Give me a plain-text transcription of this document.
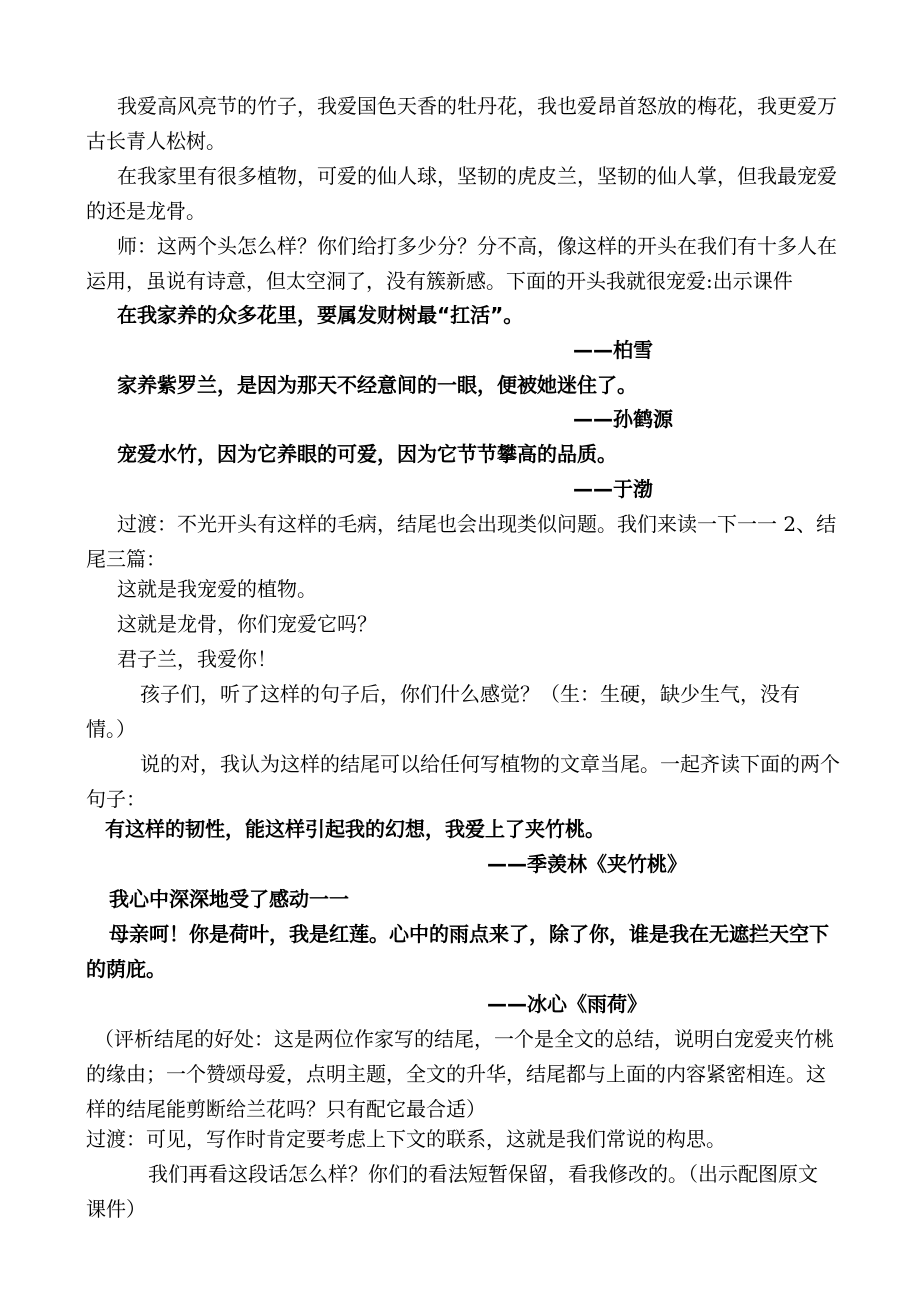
我爱高风亮节的竹子，我爱国色天香的牡丹花，我也爱昂首怒放的梅花，我更爱万

古长青人松树。

在我家里有很多植物，可爱的仙人球，坚韧的虎皮兰，坚韧的仙人掌，但我最宠爱

的还是龙骨。

师：这两个头怎么样？你们给打多少分？分不高，像这样的开头在我们有十多人在

运用，虽说有诗意，但太空洞了，没有簇新感。下面的开头我就很宠爱:出示课件

在我家养的众多花里，要属发财树最“扛活”。

——柏雪

家养紫罗兰，是因为那天不经意间的一眼，便被她迷住了。

——孙鹤源

宠爱水竹，因为它养眼的可爱，因为它节节攀高的品质。

——于渤

过渡：不光开头有这样的毛病，结尾也会出现类似问题。我们来读一下一一 2、结

尾三篇：

这就是我宠爱的植物。

这就是龙骨，你们宠爱它吗？

君子兰，我爱你！

孩子们，听了这样的句子后，你们什么感觉？（生：生硬，缺少生气，没有

情。）

说的对，我认为这样的结尾可以给任何写植物的文章当尾。一起齐读下面的两个

句子：

有这样的韧性，能这样引起我的幻想，我爱上了夹竹桃。

——季羡林《夹竹桃》

我心中深深地受了感动一一

母亲呵！你是荷叶，我是红莲。心中的雨点来了，除了你，谁是我在无遮拦天空下

的荫庇。

——冰心《雨荷》

（评析结尾的好处：这是两位作家写的结尾，一个是全文的总结，说明白宠爱夹竹桃

的缘由；一个赞颂母爱，点明主题，全文的升华，结尾都与上面的内容紧密相连。这

样的结尾能剪断给兰花吗？只有配它最合适）

过渡：可见，写作时肯定要考虑上下文的联系，这就是我们常说的构思。

我们再看这段话怎么样？你们的看法短暂保留，看我修改的。（出示配图原文

课件）
